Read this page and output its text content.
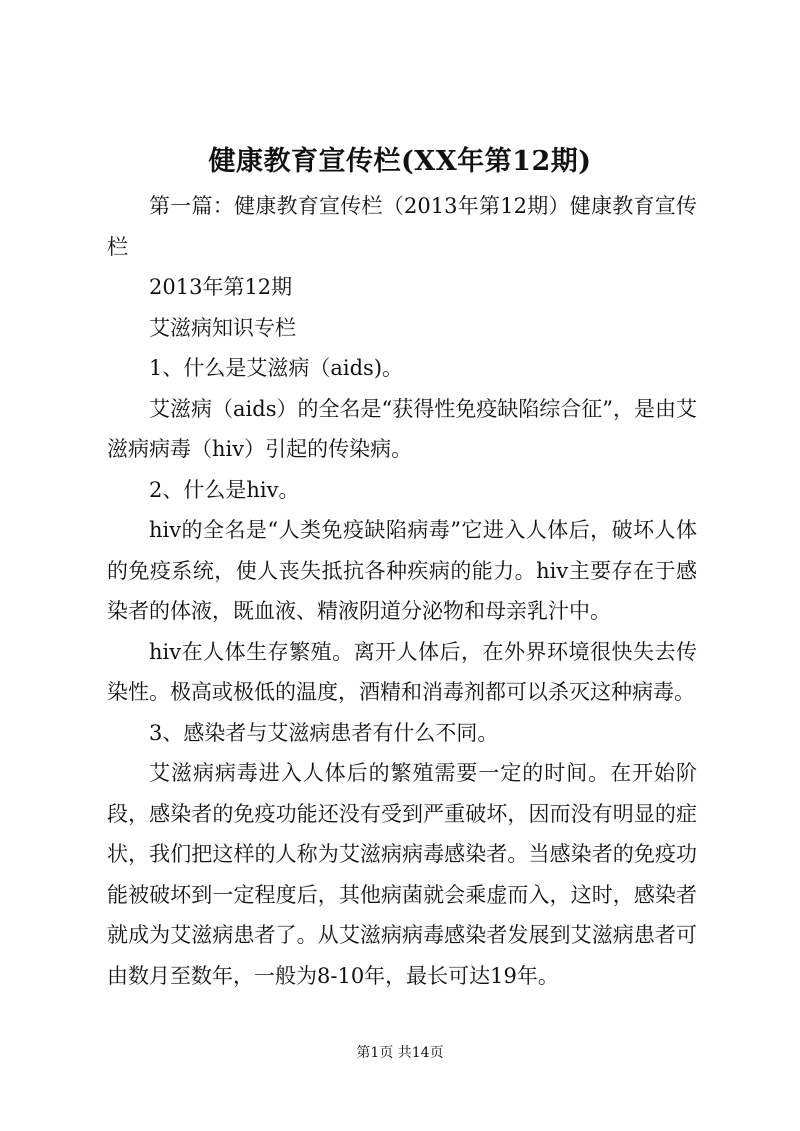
健康教育宣传栏(XX年第12期)

第一篇：健康教育宣传栏（2013年第12期）健康教育宣传栏

2013年第12期

艾滋病知识专栏

1、什么是艾滋病（aids)。

艾滋病（aids）的全名是“获得性免疫缺陷综合征”，是由艾滋病病毒（hiv）引起的传染病。

2、什么是hiv。

hiv的全名是“人类免疫缺陷病毒”它进入人体后，破坏人体的免疫系统，使人丧失抵抗各种疾病的能力。hiv主要存在于感染者的体液，既血液、精液阴道分泌物和母亲乳汁中。

hiv在人体生存繁殖。离开人体后，在外界环境很快失去传染性。极高或极低的温度，酒精和消毒剂都可以杀灭这种病毒。

3、感染者与艾滋病患者有什么不同。

艾滋病病毒进入人体后的繁殖需要一定的时间。在开始阶段，感染者的免疫功能还没有受到严重破坏，因而没有明显的症状，我们把这样的人称为艾滋病病毒感染者。当感染者的免疫功能被破坏到一定程度后，其他病菌就会乘虚而入，这时，感染者就成为艾滋病患者了。从艾滋病病毒感染者发展到艾滋病患者可由数月至数年，一般为8-10年，最长可达19年。

第1页 共14页
